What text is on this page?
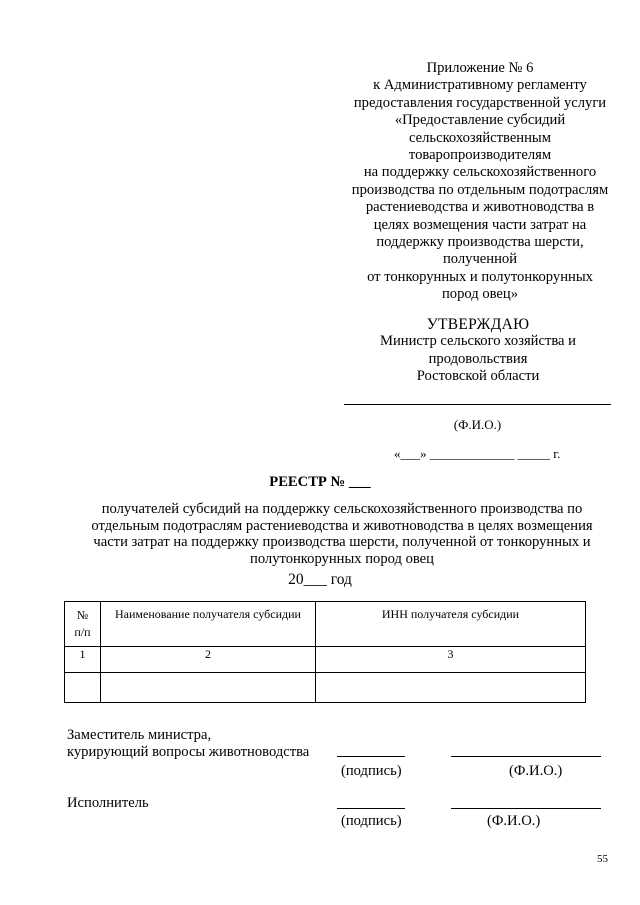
Приложение № 6
к Административному регламенту
предоставления государственной услуги
«Предоставление субсидий
сельскохозяйственным
товаропроизводителям
на поддержку сельскохозяйственного
производства по отдельным подотраслям
растениеводства и животноводства в
целях возмещения части затрат на
поддержку производства шерсти,
полученной
от тонкорунных и полутонкорунных
пород овец»
УТВЕРЖДАЮ
Министр сельского хозяйства и
продовольствия
Ростовской области
(Ф.И.О.)
«___» _____________ _____ г.
РЕЕСТР № ___
получателей субсидий на поддержку сельскохозяйственного производства по
отдельным подотраслям растениеводства и животноводства в целях возмещения
части затрат на поддержку производства шерсти, полученной от тонкорунных и
полутонкорунных пород овец
20___ год
№ п/п	Наименование получателя субсидии	ИНН получателя субсидии
1	2	3

Заместитель министра,
курирующий вопросы животноводства
(подпись)	(Ф.И.О.)
Исполнитель
(подпись)	(Ф.И.О.)
55
